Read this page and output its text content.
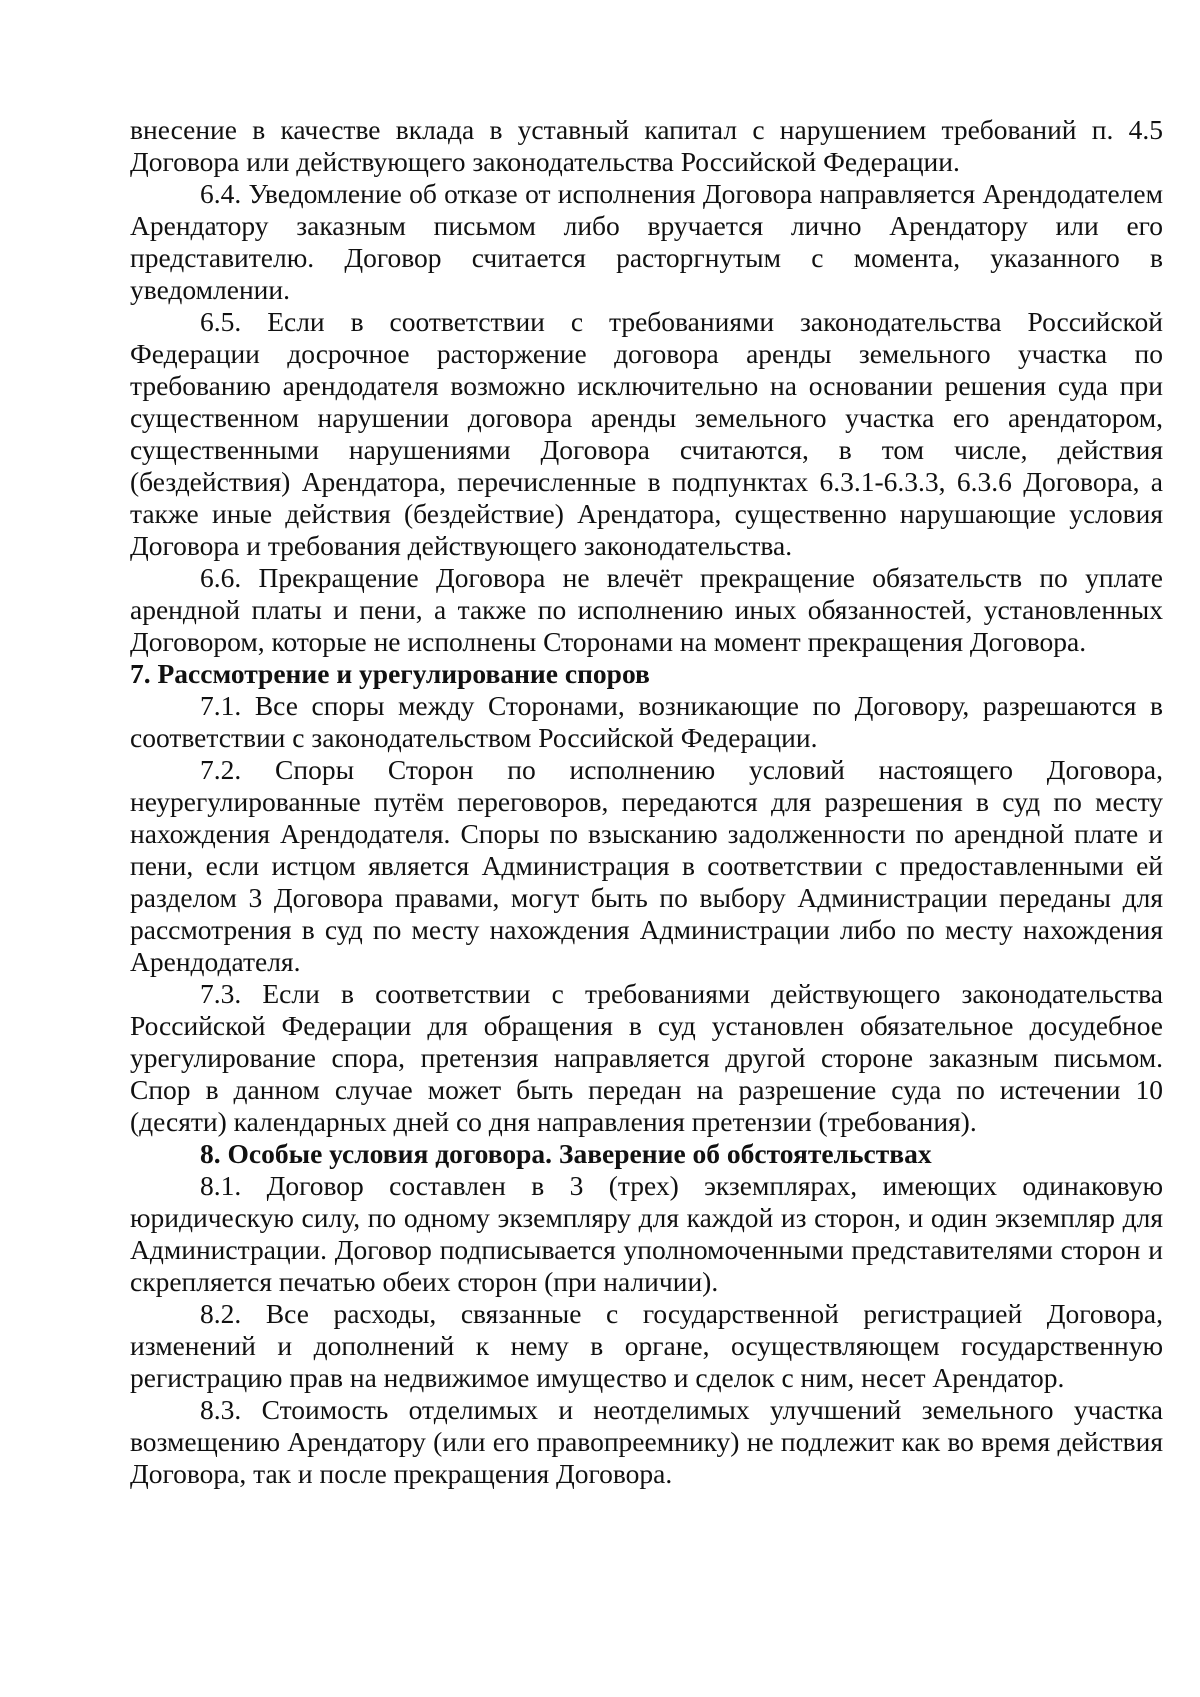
внесение в качестве вклада в уставный капитал с нарушением требований п. 4.5 Договора или действующего законодательства Российской Федерации.

6.4. Уведомление об отказе от исполнения Договора направляется Арендодателем Арендатору заказным письмом либо вручается лично Арендатору или его представителю. Договор считается расторгнутым с момента, указанного в уведомлении.

6.5. Если в соответствии с требованиями законодательства Российской Федерации досрочное расторжение договора аренды земельного участка по требованию арендодателя возможно исключительно на основании решения суда при существенном нарушении договора аренды земельного участка его арендатором, существенными нарушениями Договора считаются, в том числе, действия (бездействия) Арендатора, перечисленные в подпунктах 6.3.1-6.3.3, 6.3.6 Договора, а также иные действия (бездействие) Арендатора, существенно нарушающие условия Договора и требования действующего законодательства.

6.6. Прекращение Договора не влечёт прекращение обязательств по уплате арендной платы и пени, а также по исполнению иных обязанностей, установленных Договором, которые не исполнены Сторонами на момент прекращения Договора.

7. Рассмотрение и урегулирование споров

7.1. Все споры между Сторонами, возникающие по Договору, разрешаются в соответствии с законодательством Российской Федерации.

7.2. Споры Сторон по исполнению условий настоящего Договора, неурегулированные путём переговоров, передаются для разрешения в суд по месту нахождения Арендодателя. Споры по взысканию задолженности по арендной плате и пени, если истцом является Администрация в соответствии с предоставленными ей разделом 3 Договора правами, могут быть по выбору Администрации переданы для рассмотрения в суд по месту нахождения Администрации либо по месту нахождения Арендодателя.

7.3. Если в соответствии с требованиями действующего законодательства Российской Федерации для обращения в суд установлен обязательное досудебное урегулирование спора, претензия направляется другой стороне заказным письмом. Спор в данном случае может быть передан на разрешение суда по истечении 10 (десяти) календарных дней со дня направления претензии (требования).

8. Особые условия договора. Заверение об обстоятельствах

8.1. Договор составлен в 3 (трех) экземплярах, имеющих одинаковую юридическую силу, по одному экземпляру для каждой из сторон, и один экземпляр для Администрации. Договор подписывается уполномоченными представителями сторон и скрепляется печатью обеих сторон (при наличии).

8.2. Все расходы, связанные с государственной регистрацией Договора, изменений и дополнений к нему в органе, осуществляющем государственную регистрацию прав на недвижимое имущество и сделок с ним, несет Арендатор.

8.3. Стоимость отделимых и неотделимых улучшений земельного участка возмещению Арендатору (или его правопреемнику) не подлежит как во время действия Договора, так и после прекращения Договора.
